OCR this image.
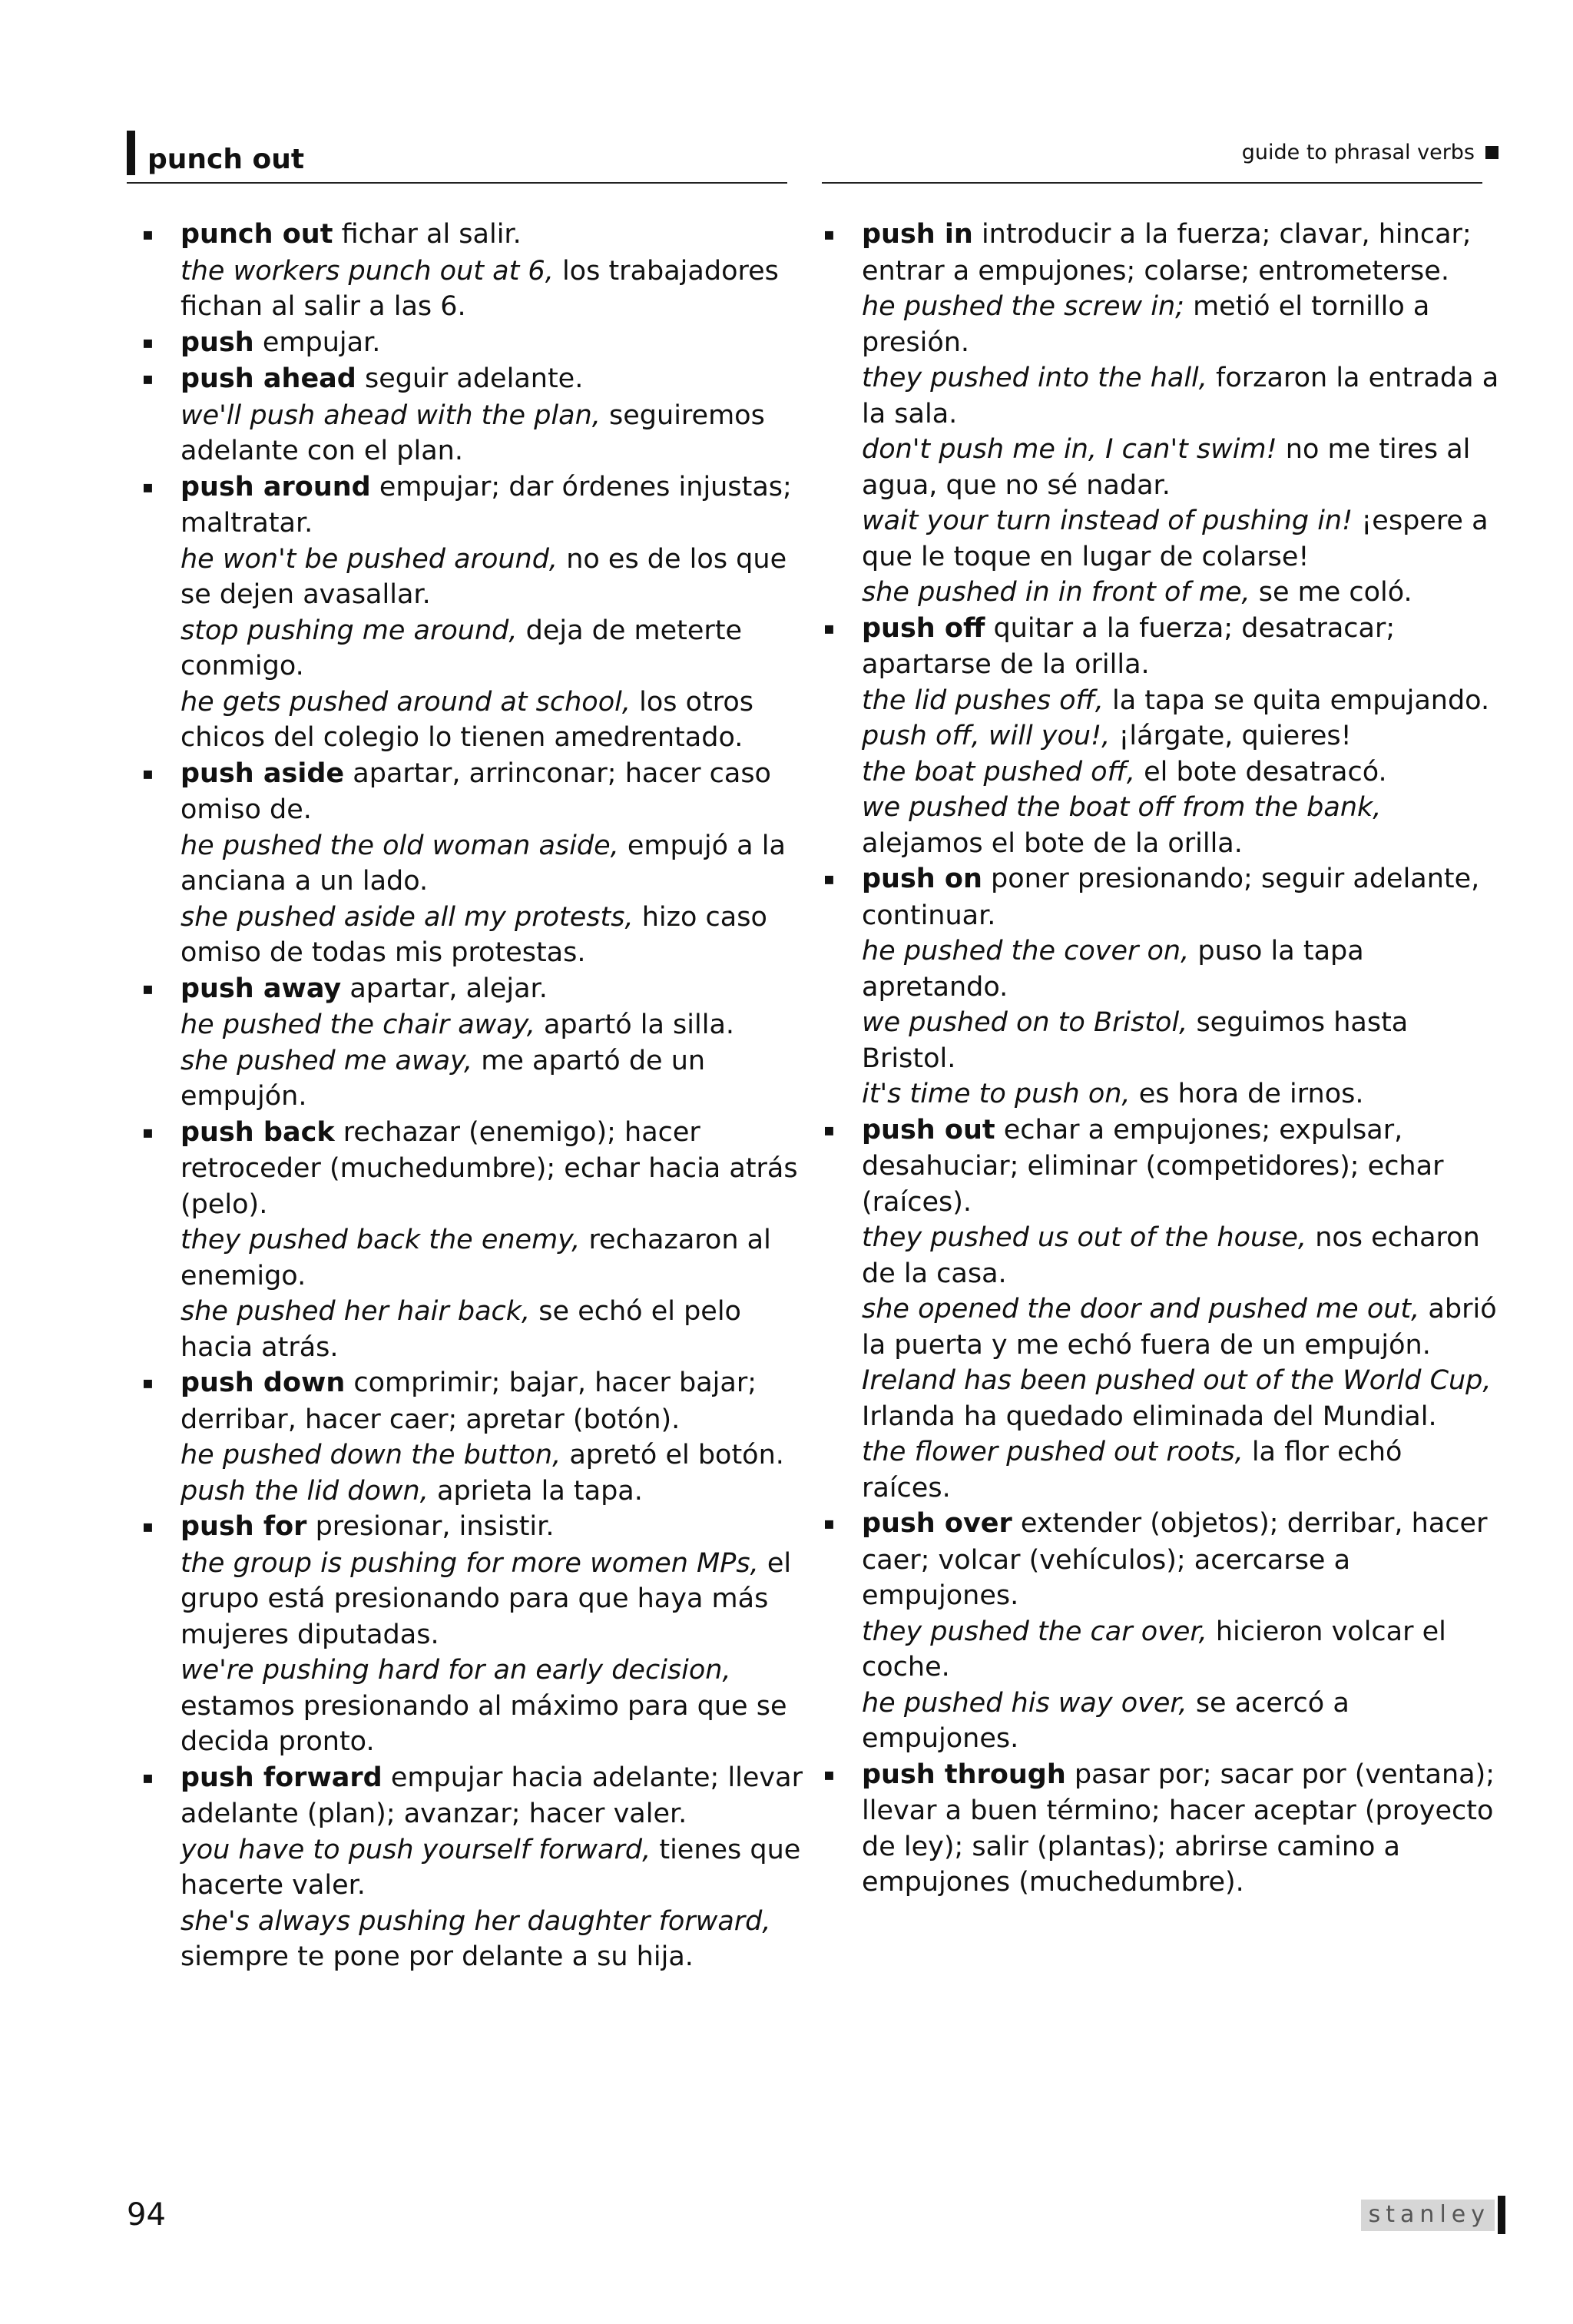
punch out	guide to phrasal verbs

▪ punch out fichar al salir.

the workers punch out at 6, los trabajadores fichan al salir a las 6.

▪ push empujar.

▪ push ahead seguir adelante.

we'll push ahead with the plan, seguiremos adelante con el plan.

▪ push around empujar; dar órdenes injustas; maltratar.

he won't be pushed around, no es de los que se dejen avasallar.

stop pushing me around, deja de meterte conmigo.

he gets pushed around at school, los otros chicos del colegio lo tienen amedrentado.

▪ push aside apartar, arrinconar; hacer caso omiso de.

he pushed the old woman aside, empujó a la anciana a un lado.

she pushed aside all my protests, hizo caso omiso de todas mis protestas.

▪ push away apartar, alejar.

he pushed the chair away, apartó la silla.

she pushed me away, me apartó de un empujón.

▪ push back rechazar (enemigo); hacer retroceder (muchedumbre); echar hacia atrás (pelo).

they pushed back the enemy, rechazaron al enemigo.

she pushed her hair back, se echó el pelo hacia atrás.

▪ push down comprimir; bajar, hacer bajar; derribar, hacer caer; apretar (botón).

he pushed down the button, apretó el botón.

push the lid down, aprieta la tapa.

▪ push for presionar, insistir.

the group is pushing for more women MPs, el grupo está presionando para que haya más mujeres diputadas.

we're pushing hard for an early decision, estamos presionando al máximo para que se decida pronto.

▪ push forward empujar hacia adelante; llevar adelante (plan); avanzar; hacer valer.

you have to push yourself forward, tienes que hacerte valer.

she's always pushing her daughter forward, siempre te pone por delante a su hija.

▪ push in introducir a la fuerza; clavar, hincar; entrar a empujones; colarse; entrometerse.

he pushed the screw in; metió el tornillo a presión.

they pushed into the hall, forzaron la entrada a la sala.

don't push me in, I can't swim! no me tires al agua, que no sé nadar.

wait your turn instead of pushing in! ¡espere a que le toque en lugar de colarse!

she pushed in in front of me, se me coló.

▪ push off quitar a la fuerza; desatracar; apartarse de la orilla.

the lid pushes off, la tapa se quita empujando.

push off, will you!, ¡lárgate, quieres!

the boat pushed off, el bote desatracó.

we pushed the boat off from the bank, alejamos el bote de la orilla.

▪ push on poner presionando; seguir adelante, continuar.

he pushed the cover on, puso la tapa apretando.

we pushed on to Bristol, seguimos hasta Bristol.

it's time to push on, es hora de irnos.

▪ push out echar a empujones; expulsar, desahuciar; eliminar (competidores); echar (raíces).

they pushed us out of the house, nos echaron de la casa.

she opened the door and pushed me out, abrió la puerta y me echó fuera de un empujón.

Ireland has been pushed out of the World Cup, Irlanda ha quedado eliminada del Mundial.

the flower pushed out roots, la flor echó raíces.

▪ push over extender (objetos); derribar, hacer caer; volcar (vehículos); acercarse a empujones.

they pushed the car over, hicieron volcar el coche.

he pushed his way over, se acercó a empujones.

▪ push through pasar por; sacar por (ventana); llevar a buen término; hacer aceptar (proyecto de ley); salir (plantas); abrirse camino a empujones (muchedumbre).

94	stanley
